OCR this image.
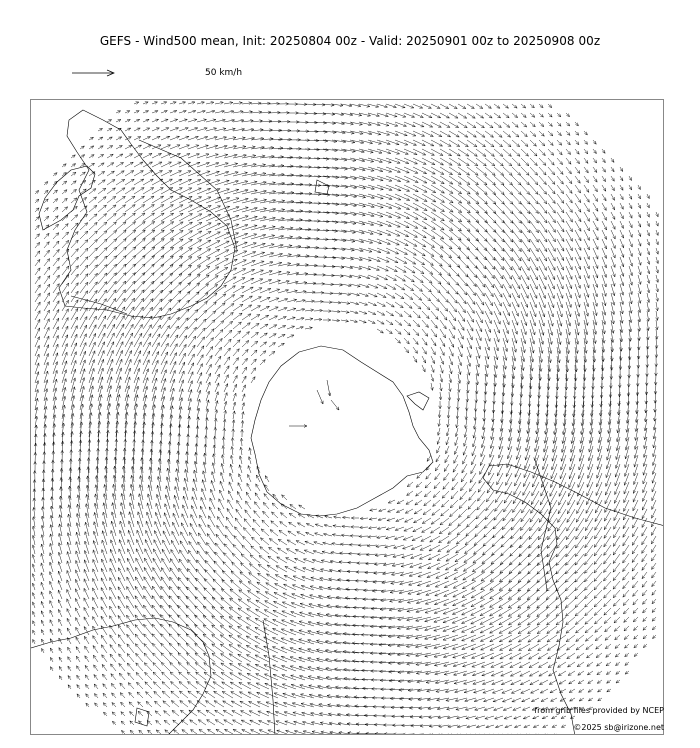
GEFS - Wind500 mean, Init: 20250804 00z - Valid: 20250901 00z to 20250908 00z
50 km/h
from grib files provided by NCEP
©2025 sb@irizone.net
